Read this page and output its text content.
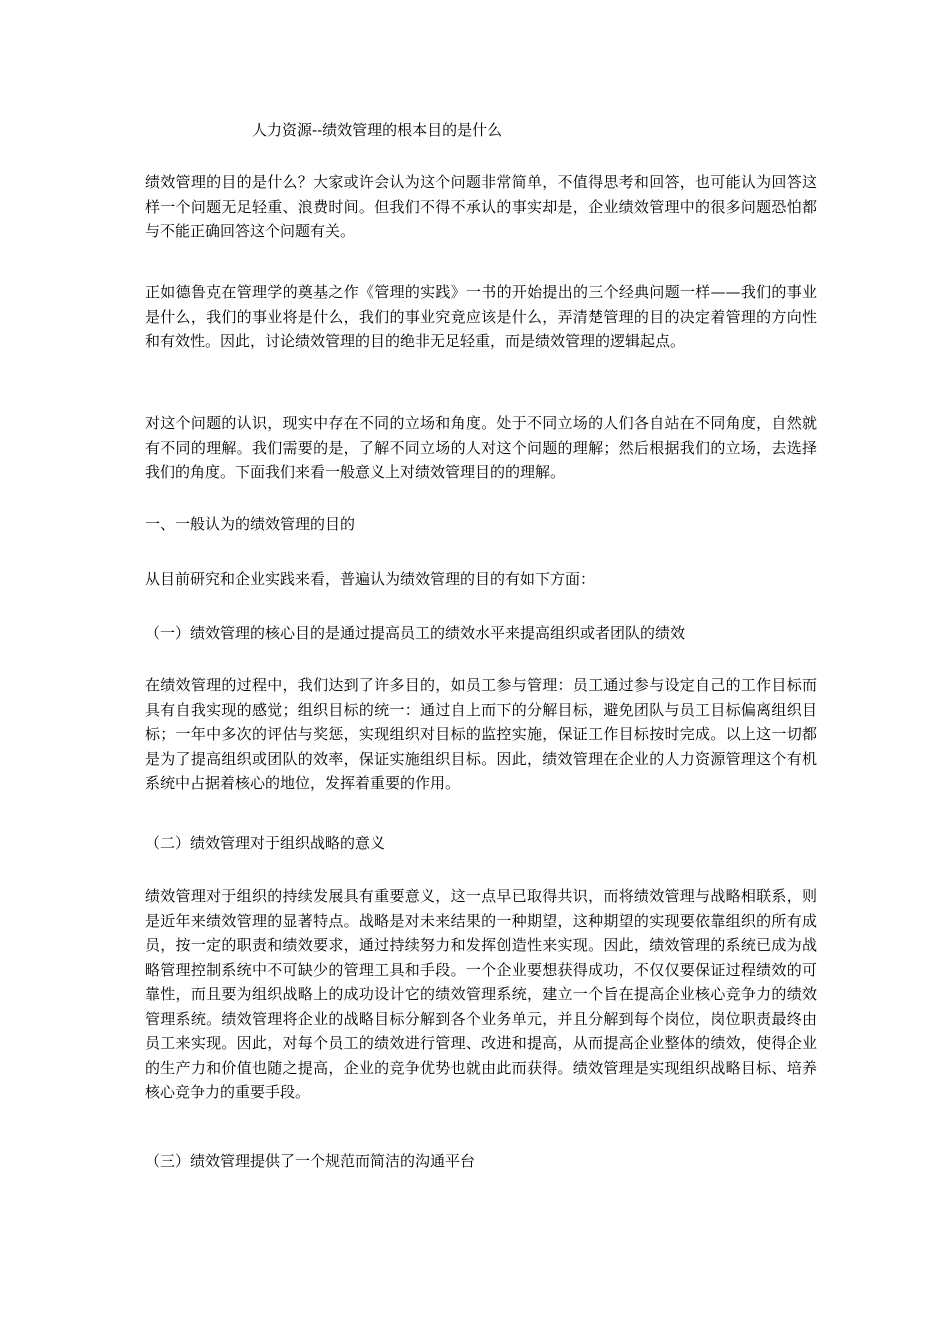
人力资源--绩效管理的根本目的是什么

绩效管理的目的是什么？大家或许会认为这个问题非常简单，不值得思考和回答，也可能认为回答这样一个问题无足轻重、浪费时间。但我们不得不承认的事实却是，企业绩效管理中的很多问题恐怕都与不能正确回答这个问题有关。

正如德鲁克在管理学的奠基之作《管理的实践》一书的开始提出的三个经典问题一样——我们的事业是什么，我们的事业将是什么，我们的事业究竟应该是什么，弄清楚管理的目的决定着管理的方向性和有效性。因此，讨论绩效管理的目的绝非无足轻重，而是绩效管理的逻辑起点。

对这个问题的认识，现实中存在不同的立场和角度。处于不同立场的人们各自站在不同角度，自然就有不同的理解。我们需要的是，了解不同立场的人对这个问题的理解；然后根据我们的立场，去选择我们的角度。下面我们来看一般意义上对绩效管理目的的理解。

一、一般认为的绩效管理的目的

从目前研究和企业实践来看，普遍认为绩效管理的目的有如下方面：

（一）绩效管理的核心目的是通过提高员工的绩效水平来提高组织或者团队的绩效

在绩效管理的过程中，我们达到了许多目的，如员工参与管理：员工通过参与设定自己的工作目标而具有自我实现的感觉；组织目标的统一：通过自上而下的分解目标，避免团队与员工目标偏离组织目标；一年中多次的评估与奖惩，实现组织对目标的监控实施，保证工作目标按时完成。以上这一切都是为了提高组织或团队的效率，保证实施组织目标。因此，绩效管理在企业的人力资源管理这个有机系统中占据着核心的地位，发挥着重要的作用。

（二）绩效管理对于组织战略的意义

绩效管理对于组织的持续发展具有重要意义，这一点早已取得共识，而将绩效管理与战略相联系，则是近年来绩效管理的显著特点。战略是对未来结果的一种期望，这种期望的实现要依靠组织的所有成员，按一定的职责和绩效要求，通过持续努力和发挥创造性来实现。因此，绩效管理的系统已成为战略管理控制系统中不可缺少的管理工具和手段。一个企业要想获得成功，不仅仅要保证过程绩效的可靠性，而且要为组织战略上的成功设计它的绩效管理系统，建立一个旨在提高企业核心竞争力的绩效管理系统。绩效管理将企业的战略目标分解到各个业务单元，并且分解到每个岗位，岗位职责最终由员工来实现。因此，对每个员工的绩效进行管理、改进和提高，从而提高企业整体的绩效，使得企业的生产力和价值也随之提高，企业的竞争优势也就由此而获得。绩效管理是实现组织战略目标、培养核心竞争力的重要手段。

（三）绩效管理提供了一个规范而简洁的沟通平台
